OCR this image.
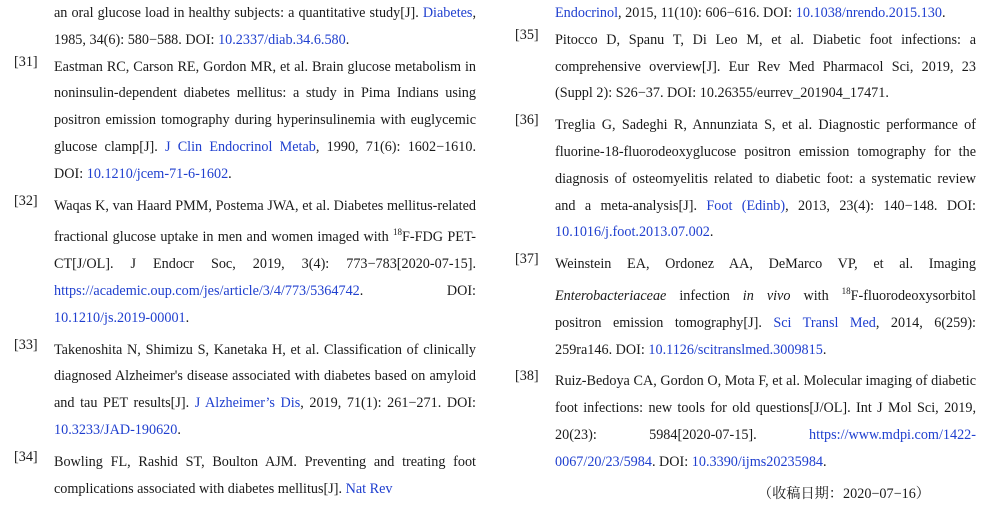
an oral glucose load in healthy subjects: a quantitative study[J]. Diabetes, 1985, 34(6): 580−588. DOI: 10.2337/diab.34.6.580.
[31]	Eastman RC, Carson RE, Gordon MR, et al. Brain glucose metabolism in noninsulin-dependent diabetes mellitus: a study in Pima Indians using positron emission tomography during hyperinsulinemia with euglycemic glucose clamp[J]. J Clin Endocrinol Metab, 1990, 71(6): 1602−1610. DOI: 10.1210/jcem-71-6-1602.
[32]	Waqas K, van Haard PMM, Postema JWA, et al. Diabetes mellitus-related fractional glucose uptake in men and women imaged with $^{18}$F-FDG PET-CT[J/OL]. J Endocr Soc, 2019, 3(4): 773−783[2020-07-15]. https://academic.oup.com/jes/article/3/4/773/5364742. DOI: 10.1210/js.2019-00001.
[33]	Takenoshita N, Shimizu S, Kanetaka H, et al. Classification of clinically diagnosed Alzheimer's disease associated with diabetes based on amyloid and tau PET results[J]. J Alzheimer’s Dis, 2019, 71(1): 261−271. DOI: 10.3233/JAD-190620.
[34]	Bowling FL, Rashid ST, Boulton AJM. Preventing and treating foot complications associated with diabetes mellitus[J]. Nat Rev
Endocrinol, 2015, 11(10): 606−616. DOI: 10.1038/nrendo.2015.130.
[35]	Pitocco D, Spanu T, Di Leo M, et al. Diabetic foot infections: a comprehensive overview[J]. Eur Rev Med Pharmacol Sci, 2019, 23 (Suppl 2): S26−37. DOI: 10.26355/eurrev_201904_17471.
[36]	Treglia G, Sadeghi R, Annunziata S, et al. Diagnostic performance of fluorine-18-fluorodeoxyglucose positron emission tomography for the diagnosis of osteomyelitis related to diabetic foot: a systematic review and a meta-analysis[J]. Foot (Edinb), 2013, 23(4): 140−148. DOI: 10.1016/j.foot.2013.07.002.
[37]	Weinstein EA, Ordonez AA, DeMarco VP, et al. Imaging Enterobacteriaceae infection in vivo with $^{18}$F-fluorodeoxysorbitol positron emission tomography[J]. Sci Transl Med, 2014, 6(259): 259ra146. DOI: 10.1126/scitranslmed.3009815.
[38]	Ruiz-Bedoya CA, Gordon O, Mota F, et al. Molecular imaging of diabetic foot infections: new tools for old questions[J/OL]. Int J Mol Sci, 2019, 20(23): 5984[2020-07-15]. https://www.mdpi.com/1422-0067/20/23/5984. DOI: 10.3390/ijms20235984.
（收稿日期：2020−07−16）
